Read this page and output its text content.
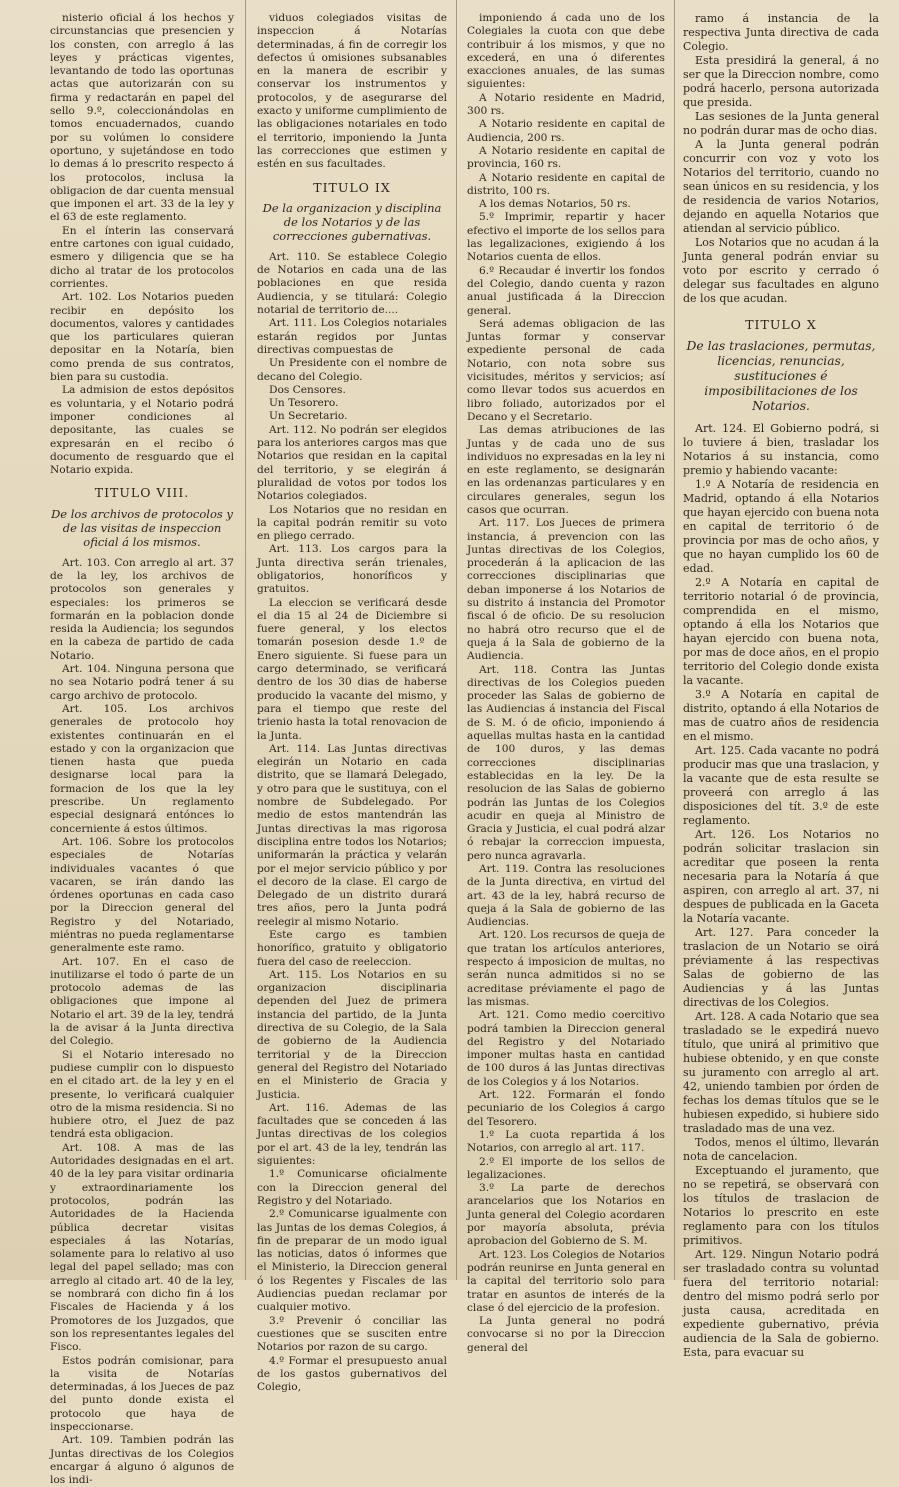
nisterio oficial á los hechos y circunstancias que presencien y los consten, con arreglo á las leyes y prácticas vigentes, levantando de todo las oportunas actas que autorizarán con su firma y redactarán en papel del sello 9.º, coleccionándolas en tomos encuadernados, cuando por su volúmen lo considere oportuno, y sujetándose en todo lo demas á lo prescrito respecto á los protocolos, inclusa la obligacion de dar cuenta mensual que imponen el art. 33 de la ley y el 63 de este reglamento.

En el ínterin las conservará entre cartones con igual cuidado, esmero y diligencia que se ha dicho al tratar de los protocolos corrientes.

Art. 102. Los Notarios pueden recibir en depósito los documentos, valores y cantidades que los particulares quieran depositar en la Notaría, bien como prenda de sus contratos, bien para su custodia.

La admision de estos depósitos es voluntaria, y el Notario podrá imponer condiciones al depositante, las cuales se expresarán en el recibo ó documento de resguardo que el Notario expida.

TITULO VIII.

De los archivos de protocolos y de las visitas de inspeccion oficial á los mismos.

Art. 103. Con arreglo al art. 37 de la ley, los archivos de protocolos son generales y especiales: los primeros se formarán en la poblacion donde resida la Audiencia; los segundos en la cabeza de partido de cada Notario.

Art. 104. Ninguna persona que no sea Notario podrá tener á su cargo archivo de protocolo.

Art. 105. Los archivos generales de protocolo hoy existentes continuarán en el estado y con la organizacion que tienen hasta que pueda designarse local para la formacion de los que la ley prescribe. Un reglamento especial designará entónces lo concerniente á estos últimos.

Art. 106. Sobre los protocolos especiales de Notarías individuales vacantes ó que vacaren, se irán dando las órdenes oportunas en cada caso por la Direccion general del Registro y del Notariado, miéntras no pueda reglamentarse generalmente este ramo.

Art. 107. En el caso de inutilizarse el todo ó parte de un protocolo ademas de las obligaciones que impone al Notario el art. 39 de la ley, tendrá la de avisar á la Junta directiva del Colegio.

Si el Notario interesado no pudiese cumplir con lo dispuesto en el citado art. de la ley y en el presente, lo verificará cualquier otro de la misma residencia. Si no hubiere otro, el Juez de paz tendrá esta obligacion.

Art. 108. A mas de las Autoridades designadas en el art. 40 de la ley para visitar ordinaria y extraordinariamente los protocolos, podrán las Autoridades de la Hacienda pública decretar visitas especiales á las Notarías, solamente para lo relativo al uso legal del papel sellado; mas con arreglo al citado art. 40 de la ley, se nombrará con dicho fin á los Fiscales de Hacienda y á los Promotores de los Juzgados, que son los representantes legales del Fisco.

Estos podrán comisionar, para la visita de Notarías determinadas, á los Jueces de paz del punto donde exista el protocolo que haya de inspeccionarse.

Art. 109. Tambien podrán las Juntas directivas de los Colegios encargar á alguno ó algunos de los indi-

viduos colegiados visitas de inspeccion á Notarías determinadas, á fin de corregir los defectos ú omisiones subsanables en la manera de escribir y conservar los instrumentos y protocolos, y de asegurarse del exacto y uniforme cumplimiento de las obligaciones notariales en todo el territorio, imponiendo la Junta las correcciones que estimen y estén en sus facultades.

TITULO IX

De la organizacion y disciplina de los Notarios y de las correcciones gubernativas.

Art. 110. Se establece Colegio de Notarios en cada una de las poblaciones en que resida Audiencia, y se titulará: Colegio notarial de territorio de....

Art. 111. Los Colegios notariales estarán regidos por Juntas directivas compuestas de

Un Presidente con el nombre de decano del Colegio.

Dos Censores.

Un Tesorero.

Un Secretario.

Art. 112. No podrán ser elegidos para los anteriores cargos mas que Notarios que residan en la capital del territorio, y se elegirán á pluralidad de votos por todos los Notarios colegiados.

Los Notarios que no residan en la capital podrán remitir su voto en pliego cerrado.

Art. 113. Los cargos para la Junta directiva serán trienales, obligatorios, honoríficos y gratuitos.

La eleccion se verificará desde el dia 15 al 24 de Diciembre si fuere general, y los electos tomarán posesion desde 1.º de Enero siguiente. Si fuese para un cargo determinado, se verificará dentro de los 30 dias de haberse producido la vacante del mismo, y para el tiempo que reste del trienio hasta la total renovacion de la Junta.

Art. 114. Las Juntas directivas elegirán un Notario en cada distrito, que se llamará Delegado, y otro para que le sustituya, con el nombre de Subdelegado. Por medio de estos mantendrán las Juntas directivas la mas rigorosa disciplina entre todos los Notarios; uniformarán la práctica y velarán por el mejor servicio público y por el decoro de la clase. El cargo de Delegado de un distrito durará tres años, pero la Junta podrá reelegir al mismo Notario.

Este cargo es tambien honorífico, gratuito y obligatorio fuera del caso de reeleccion.

Art. 115. Los Notarios en su organizacion disciplinaria dependen del Juez de primera instancia del partido, de la Junta directiva de su Colegio, de la Sala de gobierno de la Audiencia territorial y de la Direccion general del Registro del Notariado en el Ministerio de Gracia y Justicia.

Art. 116. Ademas de las facultades que se conceden á las Juntas directivas de los colegios por el art. 43 de la ley, tendrán las siguientes:

1.º Comunicarse oficialmente con la Direccion general del Registro y del Notariado.

2.º Comunicarse igualmente con las Juntas de los demas Colegios, á fin de preparar de un modo igual las noticias, datos ó informes que el Ministerio, la Direccion general ó los Regentes y Fiscales de las Audiencias puedan reclamar por cualquier motivo.

3.º Prevenir ó conciliar las cuestiones que se susciten entre Notarios por razon de su cargo.

4.º Formar el presupuesto anual de los gastos gubernativos del Colegio,

imponiendo á cada uno de los Colegiales la cuota con que debe contribuir á los mismos, y que no excederá, en una ó diferentes exacciones anuales, de las sumas siguientes:

A Notario residente en Madrid, 300 rs.

A Notario residente en capital de Audiencia, 200 rs.

A Notario residente en capital de provincia, 160 rs.

A Notario residente en capital de distrito, 100 rs.

A los demas Notarios, 50 rs.

5.º Imprimir, repartir y hacer efectivo el importe de los sellos para las legalizaciones, exigiendo á los Notarios cuenta de ellos.

6.º Recaudar é invertir los fondos del Colegio, dando cuenta y razon anual justificada á la Direccion general.

Será ademas obligacion de las Juntas formar y conservar expediente personal de cada Notario, con nota sobre sus vicisitudes, méritos y servicios; así como llevar todos sus acuerdos en libro foliado, autorizados por el Decano y el Secretario.

Las demas atribuciones de las Juntas y de cada uno de sus individuos no expresadas en la ley ni en este reglamento, se designarán en las ordenanzas particulares y en circulares generales, segun los casos que ocurran.

Art. 117. Los Jueces de primera instancia, á prevencion con las Juntas directivas de los Colegios, procederán á la aplicacion de las correcciones disciplinarias que deban imponerse á los Notarios de su distrito á instancia del Promotor fiscal ó de oficio. De su resolucion no habrá otro recurso que el de queja á la Sala de gobierno de la Audiencia.

Art. 118. Contra las Juntas directivas de los Colegios pueden proceder las Salas de gobierno de las Audiencias á instancia del Fiscal de S. M. ó de oficio, imponiendo á aquellas multas hasta en la cantidad de 100 duros, y las demas correcciones disciplinarias establecidas en la ley. De la resolucion de las Salas de gobierno podrán las Juntas de los Colegios acudir en queja al Ministro de Gracia y Justicia, el cual podrá alzar ó rebajar la correccion impuesta, pero nunca agravarla.

Art. 119. Contra las resoluciones de la Junta directiva, en virtud del art. 43 de la ley, habrá recurso de queja á la Sala de gobierno de las Audiencias.

Art. 120. Los recursos de queja de que tratan los artículos anteriores, respecto á imposicion de multas, no serán nunca admitidos si no se acreditase préviamente el pago de las mismas.

Art. 121. Como medio coercitivo podrá tambien la Direccion general del Registro y del Notariado imponer multas hasta en cantidad de 100 duros á las Juntas directivas de los Colegios y á los Notarios.

Art. 122. Formarán el fondo pecuniario de los Colegios á cargo del Tesorero.

1.º La cuota repartida á los Notarios, con arreglo al art. 117.

2.º El importe de los sellos de legalizaciones.

3.º La parte de derechos arancelarios que los Notarios en Junta general del Colegio acordaren por mayoría absoluta, prévia aprobacion del Gobierno de S. M.

Art. 123. Los Colegios de Notarios podrán reunirse en Junta general en la capital del territorio solo para tratar en asuntos de interés de la clase ó del ejercicio de la profesion.

La Junta general no podrá convocarse si no por la Direccion general del

ramo á instancia de la respectiva Junta directiva de cada Colegio.

Esta presidirá la general, á no ser que la Direccion nombre, como podrá hacerlo, persona autorizada que presida.

Las sesiones de la Junta general no podrán durar mas de ocho dias.

A la Junta general podrán concurrir con voz y voto los Notarios del territorio, cuando no sean únicos en su residencia, y los de residencia de varios Notarios, dejando en aquella Notarios que atiendan al servicio público.

Los Notarios que no acudan á la Junta general podrán enviar su voto por escrito y cerrado ó delegar sus facultades en alguno de los que acudan.

TITULO X

De las traslaciones, permutas, licencias, renuncias, sustituciones é imposibilitaciones de los Notarios.

Art. 124. El Gobierno podrá, si lo tuviere á bien, trasladar los Notarios á su instancia, como premio y habiendo vacante:

1.º A Notaría de residencia en Madrid, optando á ella Notarios que hayan ejercido con buena nota en capital de territorio ó de provincia por mas de ocho años, y que no hayan cumplido los 60 de edad.

2.º A Notaría en capital de territorio notarial ó de provincia, comprendida en el mismo, optando á ella los Notarios que hayan ejercido con buena nota, por mas de doce años, en el propio territorio del Colegio donde exista la vacante.

3.º A Notaría en capital de distrito, optando á ella Notarios de mas de cuatro años de residencia en el mismo.

Art. 125. Cada vacante no podrá producir mas que una traslacion, y la vacante que de esta resulte se proveerá con arreglo á las disposiciones del tít. 3.º de este reglamento.

Art. 126. Los Notarios no podrán solicitar traslacion sin acreditar que poseen la renta necesaria para la Notaría á que aspiren, con arreglo al art. 37, ni despues de publicada en la Gaceta la Notaría vacante.

Art. 127. Para conceder la traslacion de un Notario se oirá préviamente á las respectivas Salas de gobierno de las Audiencias y á las Juntas directivas de los Colegios.

Art. 128. A cada Notario que sea trasladado se le expedirá nuevo título, que unirá al primitivo que hubiese obtenido, y en que conste su juramento con arreglo al art. 42, uniendo tambien por órden de fechas los demas títulos que se le hubiesen expedido, si hubiere sido trasladado mas de una vez.

Todos, menos el último, llevarán nota de cancelacion.

Exceptuando el juramento, que no se repetirá, se observará con los títulos de traslacion de Notarios lo prescrito en este reglamento para con los títulos primitivos.

Art. 129. Ningun Notario podrá ser trasladado contra su voluntad fuera del territorio notarial: dentro del mismo podrá serlo por justa causa, acreditada en expediente gubernativo, prévia audiencia de la Sala de gobierno. Esta, para evacuar su
